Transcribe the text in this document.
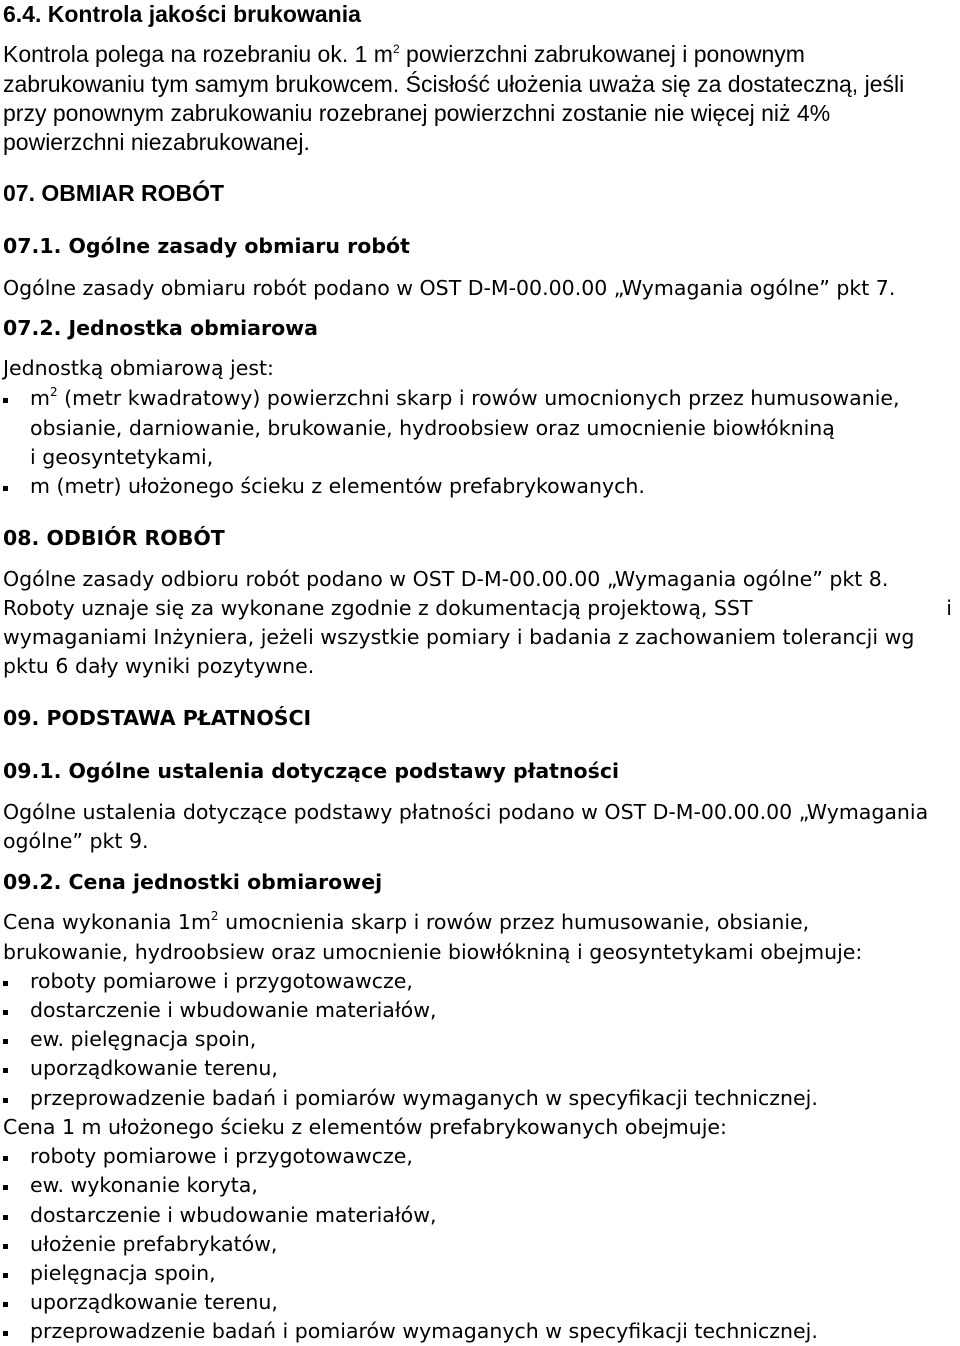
6.4. Kontrola jakości brukowania
Kontrola polega na rozebraniu ok. 1 $m^2$ powierzchni zabrukowanej i ponownym
zabrukowaniu tym samym brukowcem. Ścisłość ułożenia uważa się za dostateczną, jeśli
przy ponownym zabrukowaniu rozebranej powierzchni zostanie nie więcej niż 4%
powierzchni niezabrukowanej.
07. OBMIAR ROBÓT
07.1. Ogólne zasady obmiaru robót
Ogólne zasady obmiaru robót podano w OST D-M-00.00.00 „Wymagania ogólne” pkt 7.
07.2. Jednostka obmiarowa
Jednostką obmiarową jest:
$m^2$ (metr kwadratowy) powierzchni skarp i rowów umocnionych przez humusowanie,
obsianie, darniowanie, brukowanie, hydroobsiew oraz umocnienie biowłókniną
i geosyntetykami,
m (metr) ułożonego ścieku z elementów prefabrykowanych.
08. ODBIÓR ROBÓT
Ogólne zasady odbioru robót podano w OST D-M-00.00.00 „Wymagania ogólne” pkt 8.
Roboty uznaje się za wykonane zgodnie z dokumentacją projektową, SST	i
wymaganiami Inżyniera, jeżeli wszystkie pomiary i badania z zachowaniem tolerancji wg
pktu 6 dały wyniki pozytywne.
09. PODSTAWA PŁATNOŚCI
09.1. Ogólne ustalenia dotyczące podstawy płatności
Ogólne ustalenia dotyczące podstawy płatności podano w OST D-M-00.00.00 „Wymagania
ogólne” pkt 9.
09.2. Cena jednostki obmiarowej
Cena wykonania $1m^2$ umocnienia skarp i rowów przez humusowanie, obsianie,
brukowanie, hydroobsiew oraz umocnienie biowłókniną i geosyntetykami obejmuje:
roboty pomiarowe i przygotowawcze,
dostarczenie i wbudowanie materiałów,
ew. pielęgnacja spoin,
uporządkowanie terenu,
przeprowadzenie badań i pomiarów wymaganych w specyfikacji technicznej.
Cena 1 m ułożonego ścieku z elementów prefabrykowanych obejmuje:
roboty pomiarowe i przygotowawcze,
ew. wykonanie koryta,
dostarczenie i wbudowanie materiałów,
ułożenie prefabrykatów,
pielęgnacja spoin,
uporządkowanie terenu,
przeprowadzenie badań i pomiarów wymaganych w specyfikacji technicznej.
